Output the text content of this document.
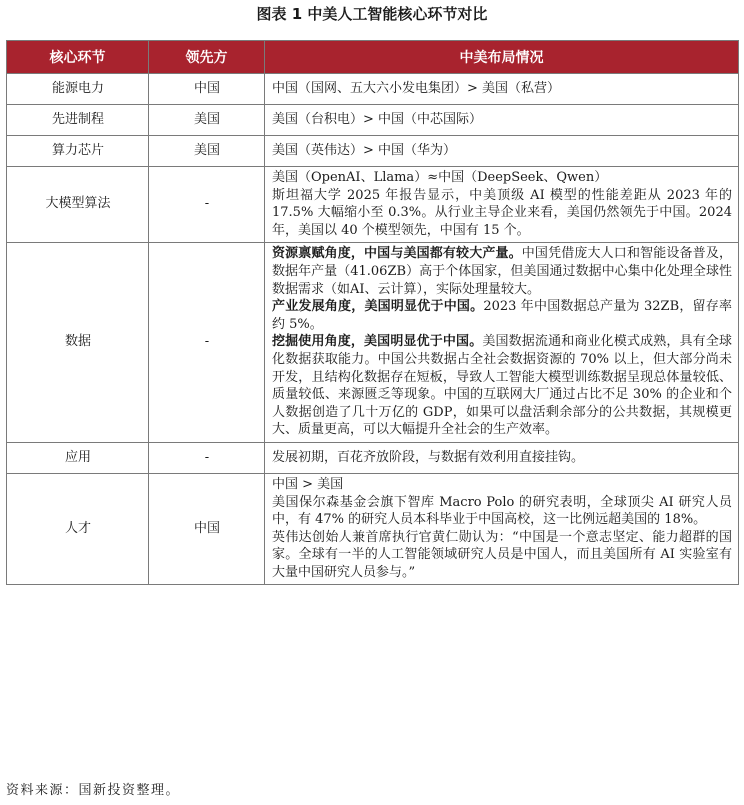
图表 1 中美人工智能核心环节对比
核心环节	领先方	中美布局情况
能源电力	中国	中国（国网、五大六小发电集团）> 美国（私营）
先进制程	美国	美国（台积电）> 中国（中芯国际）
算力芯片	美国	美国（英伟达）> 中国（华为）
大模型算法	-	美国（OpenAI、Llama）≈中国（DeepSeek、Qwen）
斯坦福大学 2025 年报告显示，中美顶级 AI 模型的性能差距从 2023 年的 17.5% 大幅缩小至 0.3%。从行业主导企业来看，美国仍然领先于中国。2024 年，美国以 40 个模型领先，中国有 15 个。

数据	-	资源禀赋角度，中国与美国都有较大产量。中国凭借庞大人口和智能设备普及，数据年产量（41.06ZB）高于个体国家，但美国通过数据中心集中化处理全球性数据需求（如AI、云计算），实际处理量较大。
产业发展角度，美国明显优于中国。2023 年中国数据总产量为 32ZB，留存率约 5%。
挖掘使用角度，美国明显优于中国。美国数据流通和商业化模式成熟，具有全球化数据获取能力。中国公共数据占全社会数据资源的 70% 以上，但大部分尚未开发，且结构化数据存在短板，导致人工智能大模型训练数据呈现总体量较低、质量较低、来源匮乏等现象。中国的互联网大厂通过占比不足 30% 的企业和个人数据创造了几十万亿的 GDP，如果可以盘活剩余部分的公共数据，其规模更大、质量更高，可以大幅提升全社会的生产效率。

应用	-	发展初期，百花齐放阶段，与数据有效利用直接挂钩。
人才	中国	中国 > 美国
美国保尔森基金会旗下智库 Macro Polo 的研究表明，全球顶尖 AI 研究人员中，有 47% 的研究人员本科毕业于中国高校，这一比例远超美国的 18%。
英伟达创始人兼首席执行官黄仁勋认为：“中国是一个意志坚定、能力超群的国家。全球有一半的人工智能领域研究人员是中国人，而且美国所有 AI 实验室有大量中国研究人员参与。”
资料来源：国新投资整理。
